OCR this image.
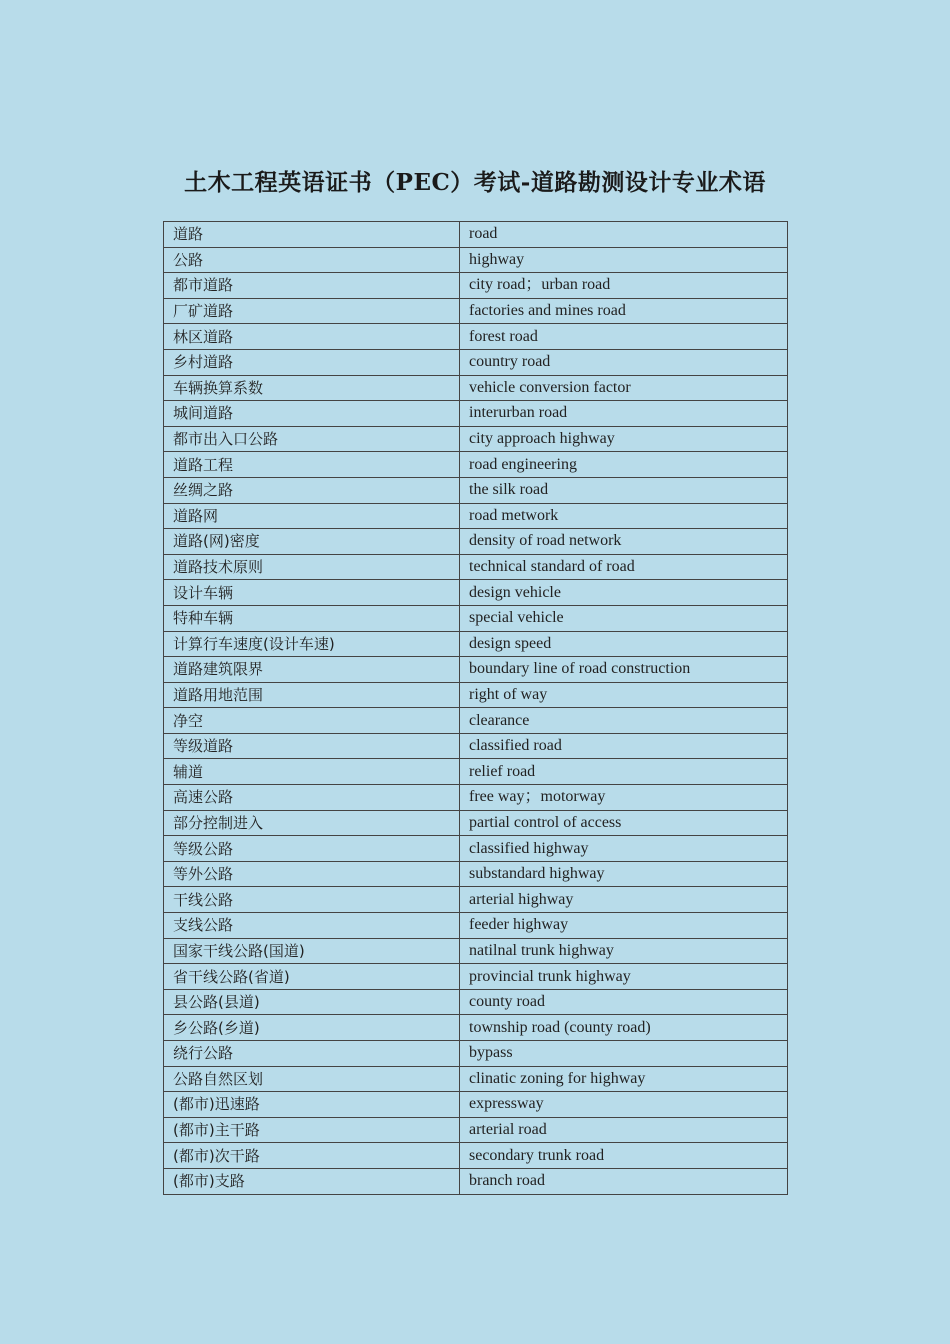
土木工程英语证书（PEC）考试-道路勘测设计专业术语
道路	road
公路	highway
都市道路	city road；urban road
厂矿道路	factories and mines road
林区道路	forest road
乡村道路	country road
车辆换算系数	vehicle conversion factor
城间道路	interurban road
都市出入口公路	city approach highway
道路工程	road engineering
丝绸之路	the silk road
道路网	road metwork
道路(网)密度	density of road network
道路技术原则	technical standard of road
设计车辆	design vehicle
特种车辆	special vehicle
计算行车速度(设计车速)	design speed
道路建筑限界	boundary line of road construction
道路用地范围	right of way
净空	clearance
等级道路	classified road
辅道	relief road
高速公路	free way；motorway
部分控制进入	partial control of access
等级公路	classified highway
等外公路	substandard highway
干线公路	arterial highway
支线公路	feeder highway
国家干线公路(国道)	natilnal trunk highway
省干线公路(省道)	provincial trunk highway
县公路(县道)	county road
乡公路(乡道)	township road (county road)
绕行公路	bypass
公路自然区划	clinatic zoning for highway
(都市)迅速路	expressway
(都市)主干路	arterial road
(都市)次干路	secondary trunk road
(都市)支路	branch road
